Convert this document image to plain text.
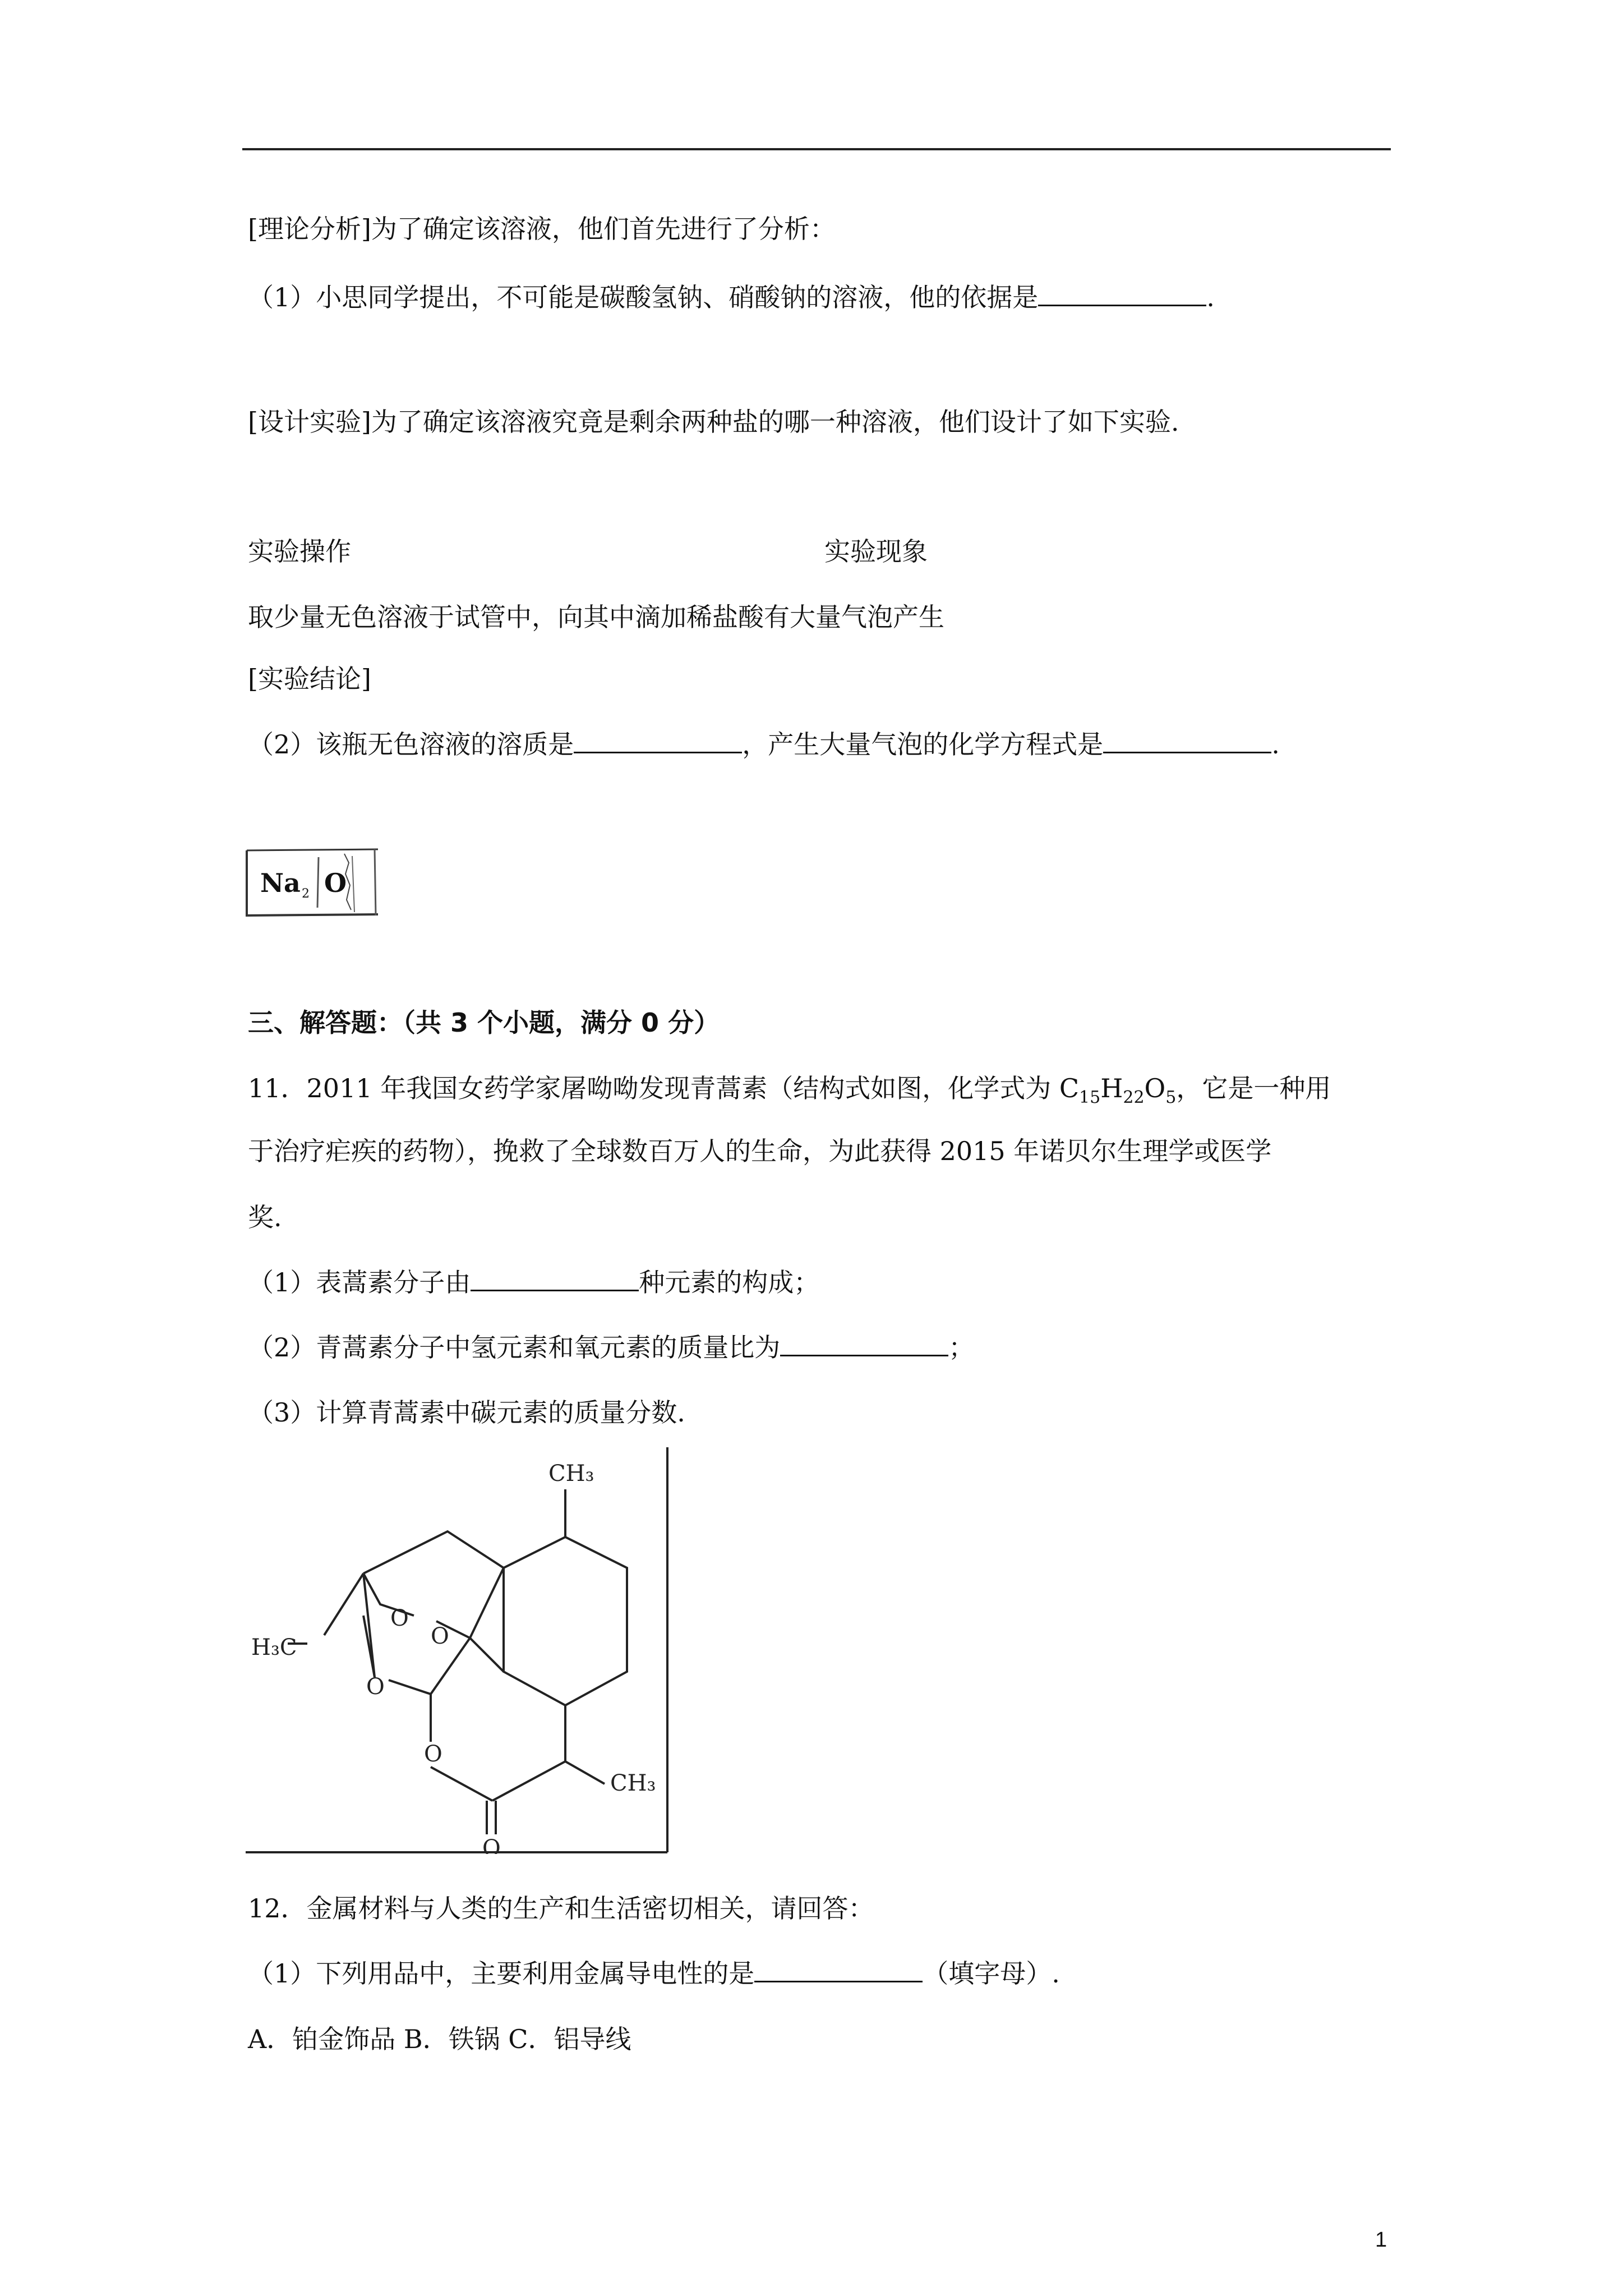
[理论分析]为了确定该溶液，他们首先进行了分析：
（1）小思同学提出，不可能是碳酸氢钠、硝酸钠的溶液，他的依据是	.
[设计实验]为了确定该溶液究竟是剩余两种盐的哪一种溶液，他们设计了如下实验.
实验操作	实验现象
取少量无色溶液于试管中，向其中滴加稀盐酸有大量气泡产生
[实验结论]
（2）该瓶无色溶液的溶质是	，产生大量气泡的化学方程式是	.
Na 2 O
三、解答题：（共 3 个小题，满分 0 分）
11．2011 年我国女药学家屠呦呦发现青蒿素（结构式如图，化学式为 $C_{15}H_{22}O_5$，它是一种用
于治疗疟疾的药物），挽救了全球数百万人的生命，为此获得 2015 年诺贝尔生理学或医学
奖.
（1）表蒿素分子由	种元素的构成；
（2）青蒿素分子中氢元素和氧元素的质量比为	；
（3）计算青蒿素中碳元素的质量分数.
CH₃
H₃C
CH₃
O
O
O
O
O
12．金属材料与人类的生产和生活密切相关，请回答：
（1）下列用品中，主要利用金属导电性的是	（填字母）.
A．铂金饰品 B．铁锅 C．铝导线
1
